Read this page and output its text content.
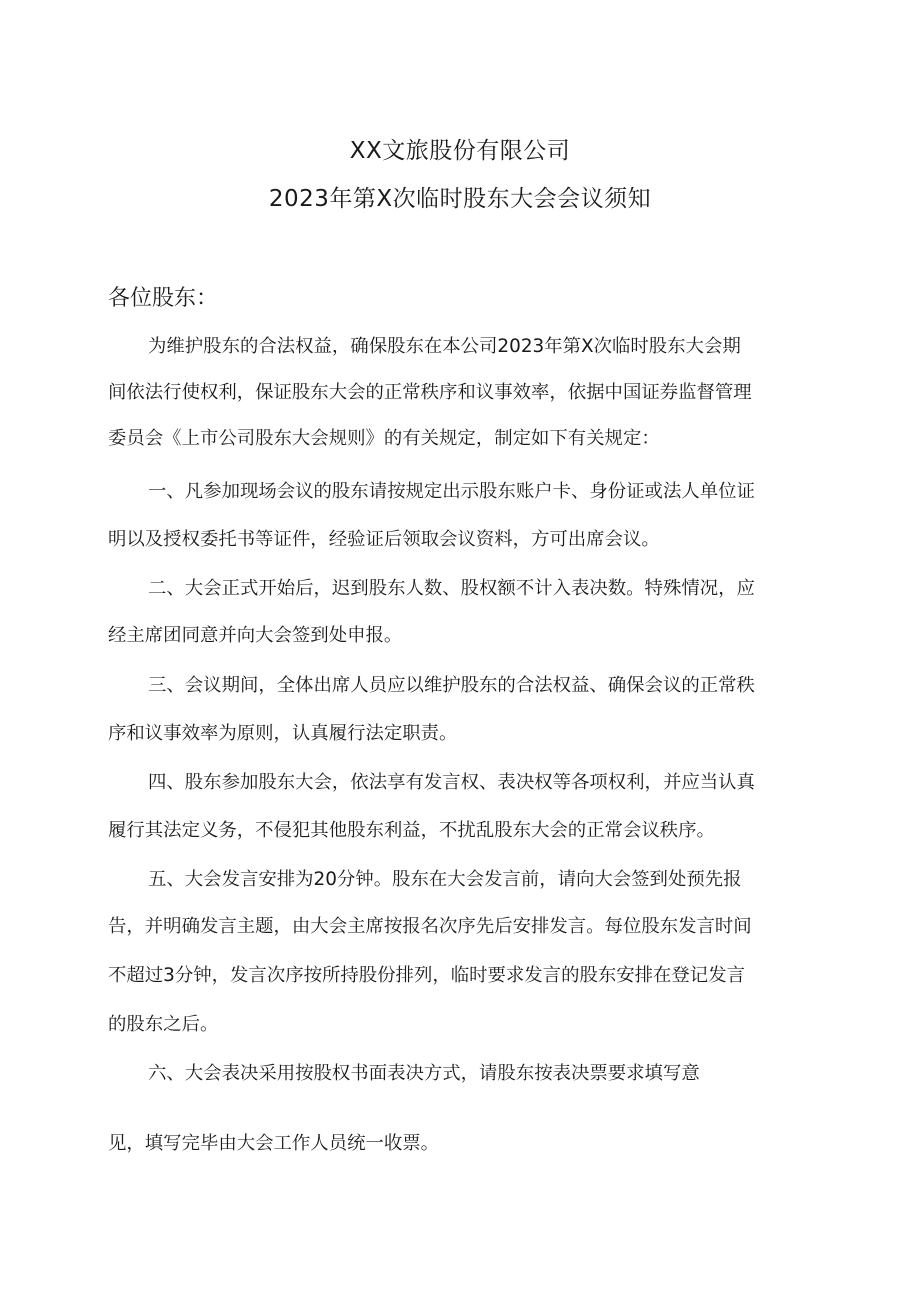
XX文旅股份有限公司
2023年第X次临时股东大会会议须知
各位股东：
为维护股东的合法权益，确保股东在本公司2023年第X次临时股东大会期
间依法行使权利，保证股东大会的正常秩序和议事效率，依据中国证券监督管理
委员会《上市公司股东大会规则》的有关规定，制定如下有关规定：
一、凡参加现场会议的股东请按规定出示股东账户卡、身份证或法人单位证
明以及授权委托书等证件，经验证后领取会议资料，方可出席会议。
二、大会正式开始后，迟到股东人数、股权额不计入表决数。特殊情况，应
经主席团同意并向大会签到处申报。
三、会议期间，全体出席人员应以维护股东的合法权益、确保会议的正常秩
序和议事效率为原则，认真履行法定职责。
四、股东参加股东大会，依法享有发言权、表决权等各项权利，并应当认真
履行其法定义务，不侵犯其他股东利益，不扰乱股东大会的正常会议秩序。
五、大会发言安排为20分钟。股东在大会发言前，请向大会签到处预先报
告，并明确发言主题，由大会主席按报名次序先后安排发言。每位股东发言时间
不超过3分钟，发言次序按所持股份排列，临时要求发言的股东安排在登记发言
的股东之后。
六、大会表决采用按股权书面表决方式，请股东按表决票要求填写意
见，填写完毕由大会工作人员统一收票。
